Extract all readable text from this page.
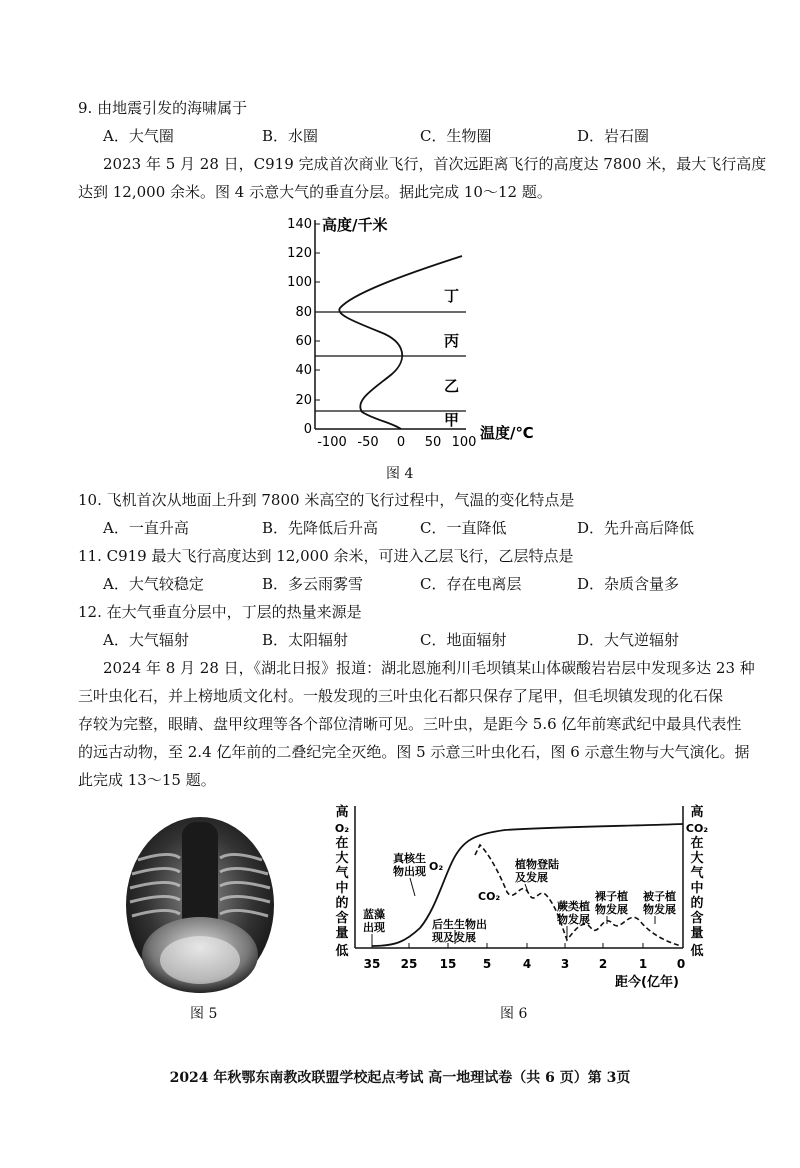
9. 由地震引发的海啸属于
A．大气圈	B．水圈	C．生物圈	D．岩石圈
2023 年 5 月 28 日，C919 完成首次商业飞行，首次远距离飞行的高度达 7800 米，最大飞行高度
达到 12,000 余米。图 4 示意大气的垂直分层。据此完成 10～12 题。
140
120
100
80
60
40
20
0
-100 -50 0 50 100
高度/千米
温度/℃
丁
丙
乙
甲
图 4
10. 飞机首次从地面上升到 7800 米高空的飞行过程中，气温的变化特点是
A．一直升高	B．先降低后升高	C．一直降低	D．先升高后降低
11. C919 最大飞行高度达到 12,000 余米，可进入乙层飞行，乙层特点是
A．大气较稳定	B．多云雨雾雪	C．存在电离层	D．杂质含量多
12. 在大气垂直分层中，丁层的热量来源是
A．大气辐射	B．太阳辐射	C．地面辐射	D．大气逆辐射
2024 年 8 月 28 日，《湖北日报》报道：湖北恩施利川毛坝镇某山体碳酸岩岩层中发现多达 23 种
三叶虫化石，并上榜地质文化村。一般发现的三叶虫化石都只保存了尾甲，但毛坝镇发现的化石保
存较为完整，眼睛、盘甲纹理等各个部位清晰可见。三叶虫，是距今 5.6 亿年前寒武纪中最具代表性
的远古动物，至 2.4 亿年前的二叠纪完全灭绝。图 5 示意三叶虫化石，图 6 示意生物与大气演化。据
此完成 13～15 题。
图 5
高
O₂
在
大
气
中
的
含
量
低
高
CO₂
在
大
气
中
的
含
量
低
35 25 15 5	4 3 2	1 0
距今(亿年)
O₂
CO₂
蓝藻
出现
真核生
物出现
后生生物出
现及发展
植物登陆
及发展
蕨类植
物发展
裸子植
物发展
被子植
物发展
图 6
2024 年秋鄂东南教改联盟学校起点考试 高一地理试卷（共 6 页）第 3页
